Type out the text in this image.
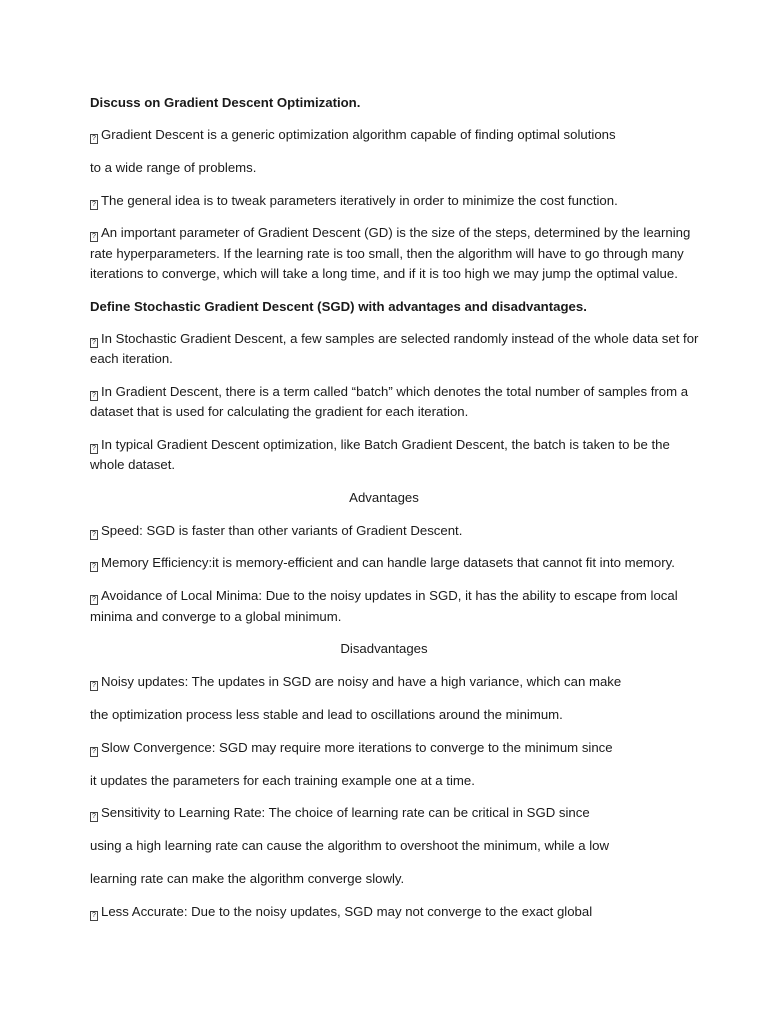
Discuss on Gradient Descent Optimization.
? Gradient Descent is a generic optimization algorithm capable of finding optimal solutions
to a wide range of problems.
? The general idea is to tweak parameters iteratively in order to minimize the cost function.
? An important parameter of Gradient Descent (GD) is the size of the steps, determined by the learning
rate hyperparameters. If the learning rate is too small, then the algorithm will have to go through many
iterations to converge, which will take a long time, and if it is too high we may jump the optimal value.
Define Stochastic Gradient Descent (SGD) with advantages and disadvantages.
? In Stochastic Gradient Descent, a few samples are selected randomly instead of the whole data set for
each iteration.
? In Gradient Descent, there is a term called “batch” which denotes the total number of samples from a
dataset that is used for calculating the gradient for each iteration.
? In typical Gradient Descent optimization, like Batch Gradient Descent, the batch is taken to be the
whole dataset.
Advantages
? Speed: SGD is faster than other variants of Gradient Descent.
? Memory Efficiency:it is memory-efficient and can handle large datasets that cannot fit into memory.
? Avoidance of Local Minima: Due to the noisy updates in SGD, it has the ability to escape from local
minima and converge to a global minimum.
Disadvantages
? Noisy updates: The updates in SGD are noisy and have a high variance, which can make
the optimization process less stable and lead to oscillations around the minimum.
? Slow Convergence: SGD may require more iterations to converge to the minimum since
it updates the parameters for each training example one at a time.
? Sensitivity to Learning Rate: The choice of learning rate can be critical in SGD since
using a high learning rate can cause the algorithm to overshoot the minimum, while a low
learning rate can make the algorithm converge slowly.
? Less Accurate: Due to the noisy updates, SGD may not converge to the exact global
